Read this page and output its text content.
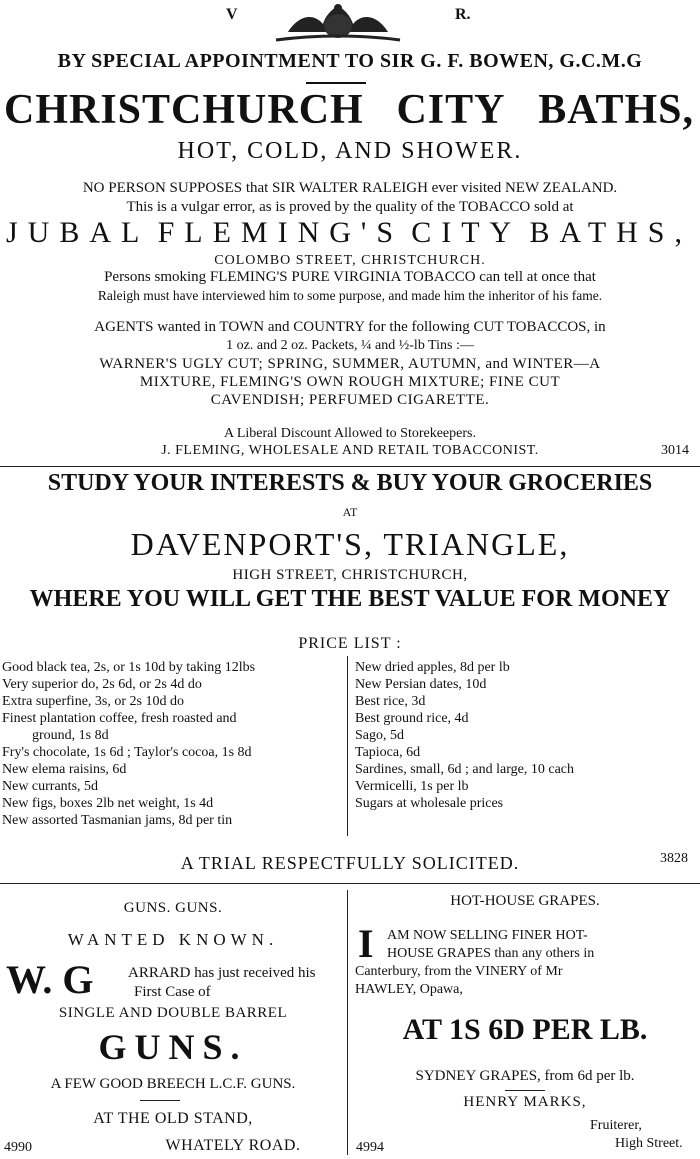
V	R.
BY SPECIAL APPOINTMENT TO SIR G. F. BOWEN, G.C.M.G
CHRISTCHURCH CITY BATHS,
HOT, COLD, AND SHOWER.
NO PERSON SUPPOSES that SIR WALTER RALEIGH ever visited NEW ZEALAND.
This is a vulgar error, as is proved by the quality of the TOBACCO sold at
JUBAL FLEMING'S CITY BATHS,
COLOMBO STREET, CHRISTCHURCH.
Persons smoking FLEMING'S PURE VIRGINIA TOBACCO can tell at once that
Raleigh must have interviewed him to some purpose, and made him the inheritor of his fame.
AGENTS wanted in TOWN and COUNTRY for the following CUT TOBACCOS, in
1 oz. and 2 oz. Packets, ¼ and ½-lb Tins :—
WARNER'S UGLY CUT; SPRING, SUMMER, AUTUMN, and WINTER—A
MIXTURE, FLEMING'S OWN ROUGH MIXTURE; FINE CUT
CAVENDISH; PERFUMED CIGARETTE.
A Liberal Discount Allowed to Storekeepers.
J. FLEMING, WHOLESALE AND RETAIL TOBACCONIST.	3014
STUDY YOUR INTERESTS & BUY YOUR GROCERIES
AT
DAVENPORT'S, TRIANGLE,
HIGH STREET, CHRISTCHURCH,
WHERE YOU WILL GET THE BEST VALUE FOR MONEY
PRICE LIST :
Good black tea, 2s, or 1s 10d by taking 12lbs
Very superior do, 2s 6d, or 2s 4d do
Extra superfine, 3s, or 2s 10d do
Finest plantation coffee, fresh roasted and
ground, 1s 8d
Fry's chocolate, 1s 6d ; Taylor's cocoa, 1s 8d
New elema raisins, 6d
New currants, 5d
New figs, boxes 2lb net weight, 1s 4d
New assorted Tasmanian jams, 8d per tin
New dried apples, 8d per lb
New Persian dates, 10d
Best rice, 3d
Best ground rice, 4d
Sago, 5d
Tapioca, 6d
Sardines, small, 6d ; and large, 10 cach
Vermicelli, 1s per lb
Sugars at wholesale prices
A TRIAL RESPECTFULLY SOLICITED.	3828
GUNS. GUNS.
WANTED KNOWN.
W. G ARRARD has just received his
First Case of
SINGLE AND DOUBLE BARREL
GUNS.
A FEW GOOD BREECH L.C.F. GUNS.
AT THE OLD STAND,
WHATELY ROAD.
4990
HOT-HOUSE GRAPES.
I AM NOW SELLING FINER HOT-
HOUSE GRAPES than any others in
Canterbury, from the VINERY of Mr
HAWLEY, Opawa,
AT 1S 6D PER LB.
SYDNEY GRAPES, from 6d per lb.
HENRY MARKS,
Fruiterer,
High Street.
4994
